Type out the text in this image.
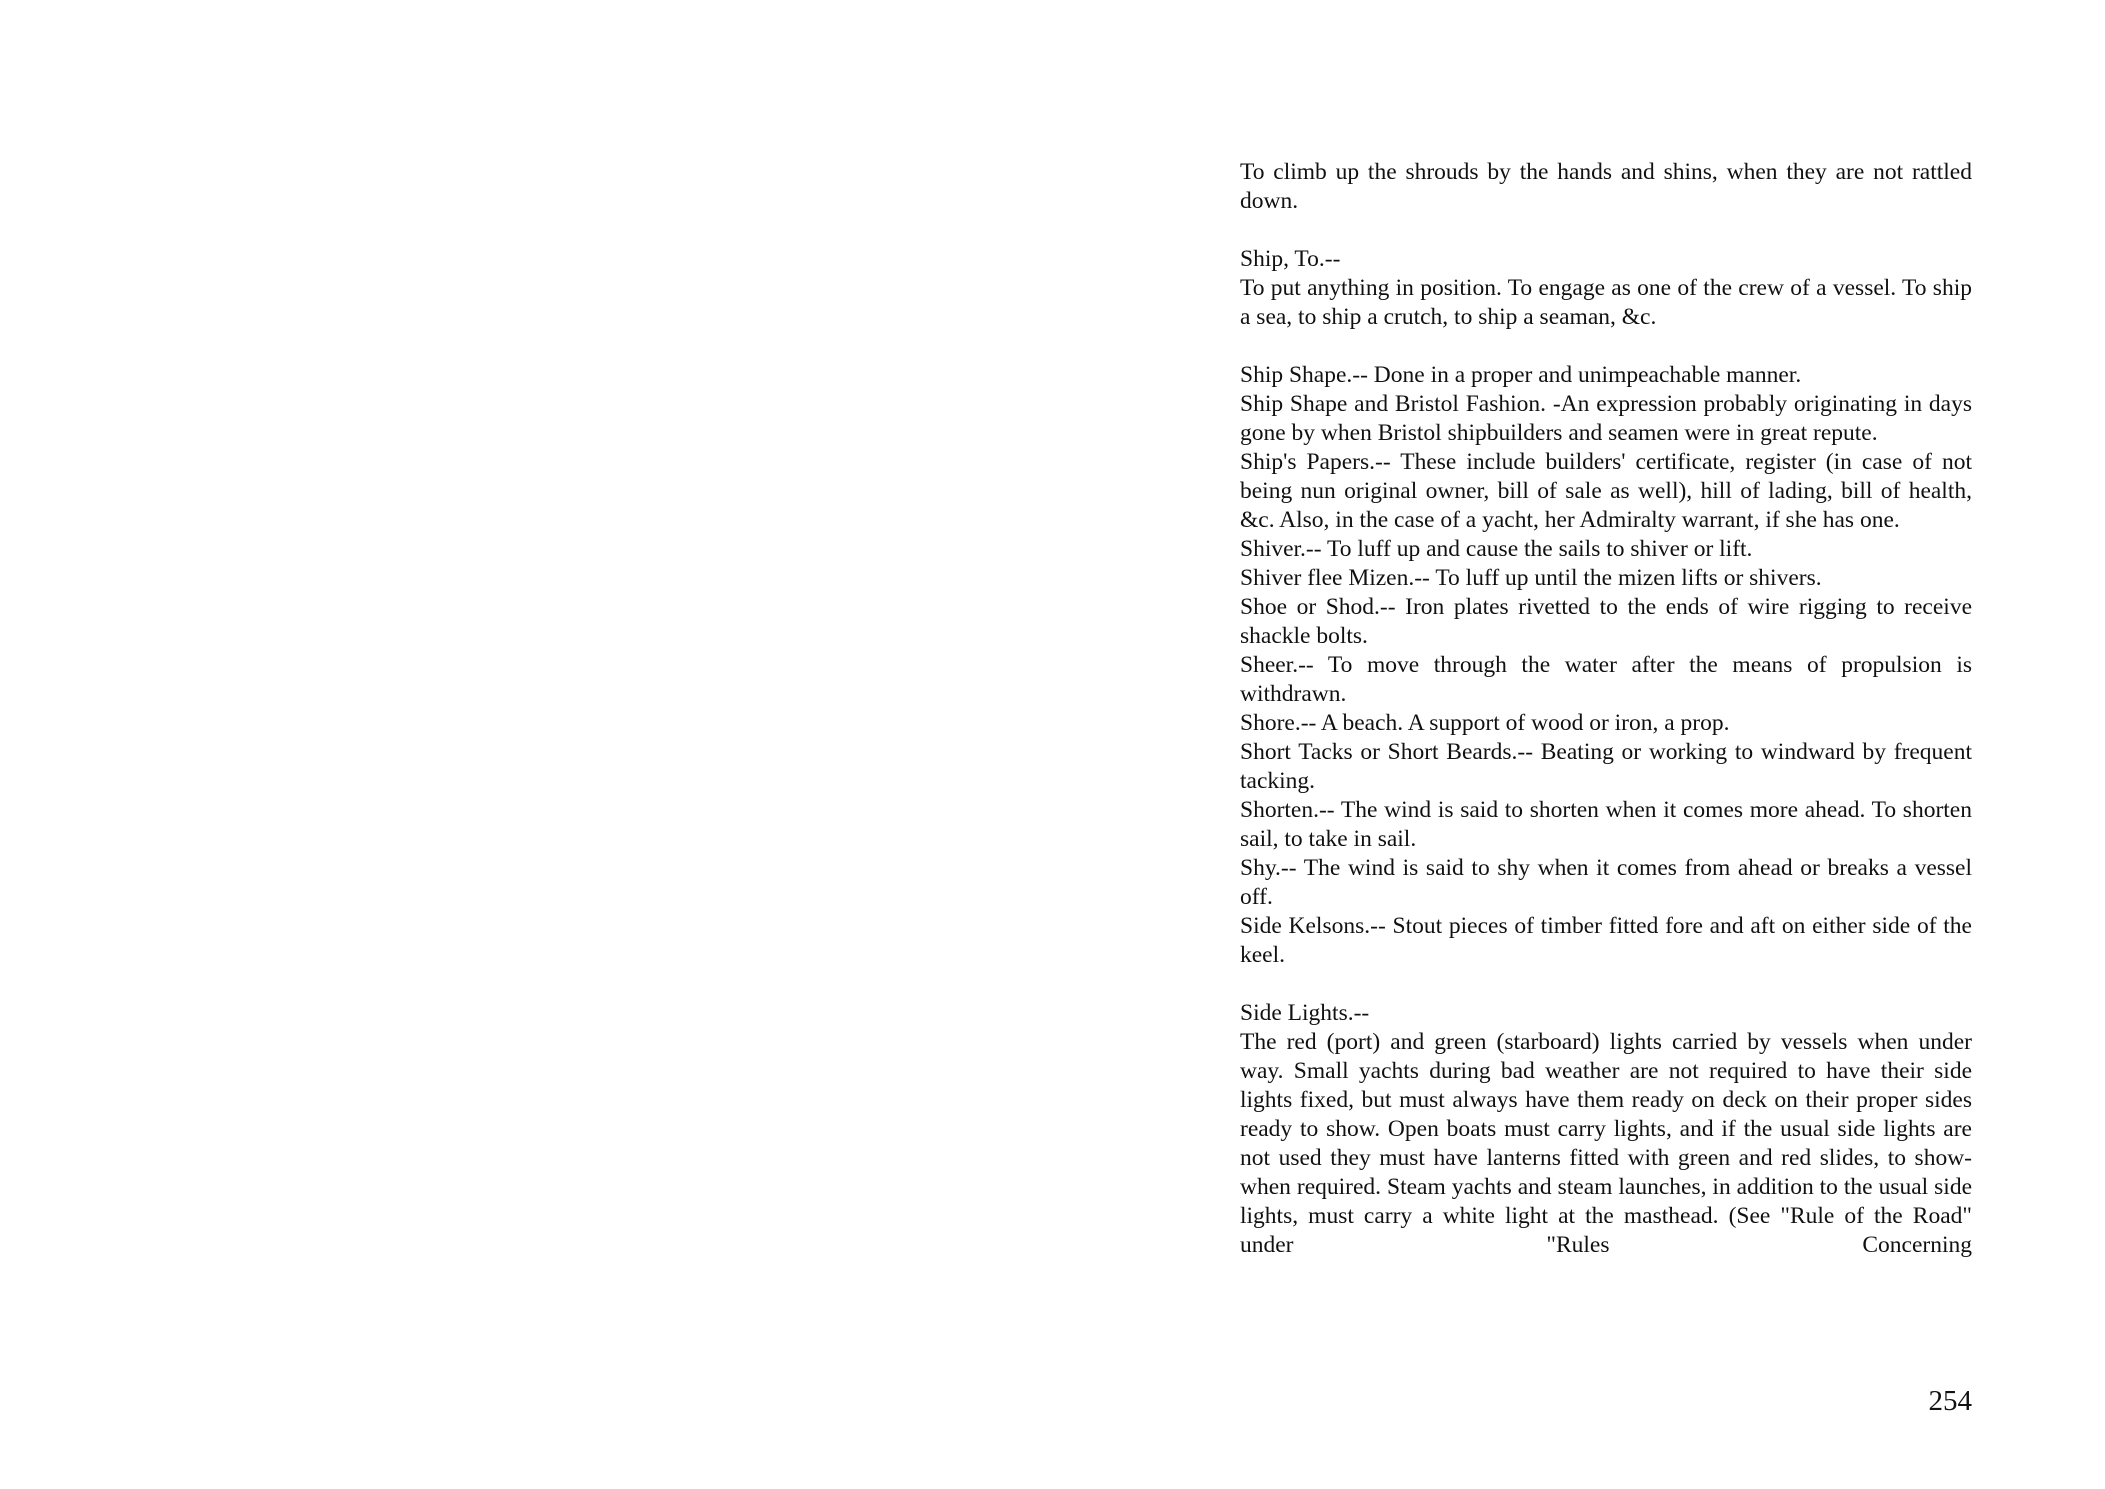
To climb up the shrouds by the hands and shins, when they are not rattled down.

Ship, To.--

To put anything in position. To engage as one of the crew of a vessel. To ship a sea, to ship a crutch, to ship a seaman, &c.

Ship Shape.-- Done in a proper and unimpeachable manner.

Ship Shape and Bristol Fashion. -An expression probably originating in days gone by when Bristol shipbuilders and seamen were in great repute.

Ship's Papers.-- These include builders' certificate, register (in case of not being nun original owner, bill of sale as well), hill of lading, bill of health, &c. Also, in the case of a yacht, her Admiralty warrant, if she has one.

Shiver.-- To luff up and cause the sails to shiver or lift.

Shiver flee Mizen.-- To luff up until the mizen lifts or shivers.

Shoe or Shod.-- Iron plates rivetted to the ends of wire rigging to receive shackle bolts.

Sheer.-- To move through the water after the means of propulsion is withdrawn.

Shore.-- A beach. A support of wood or iron, a prop.

Short Tacks or Short Beards.-- Beating or working to windward by frequent tacking.

Shorten.-- The wind is said to shorten when it comes more ahead. To shorten sail, to take in sail.

Shy.-- The wind is said to shy when it comes from ahead or breaks a vessel off.

Side Kelsons.-- Stout pieces of timber fitted fore and aft on either side of the keel.

Side Lights.--

The red (port) and green (starboard) lights carried by vessels when under way. Small yachts during bad weather are not required to have their side lights fixed, but must always have them ready on deck on their proper sides ready to show. Open boats must carry lights, and if the usual side lights are not used they must have lanterns fitted with green and red slides, to show- when required. Steam yachts and steam launches, in addition to the usual side lights, must carry a white light at the masthead. (See "Rule of the Road" under "Rules Concerning

254
